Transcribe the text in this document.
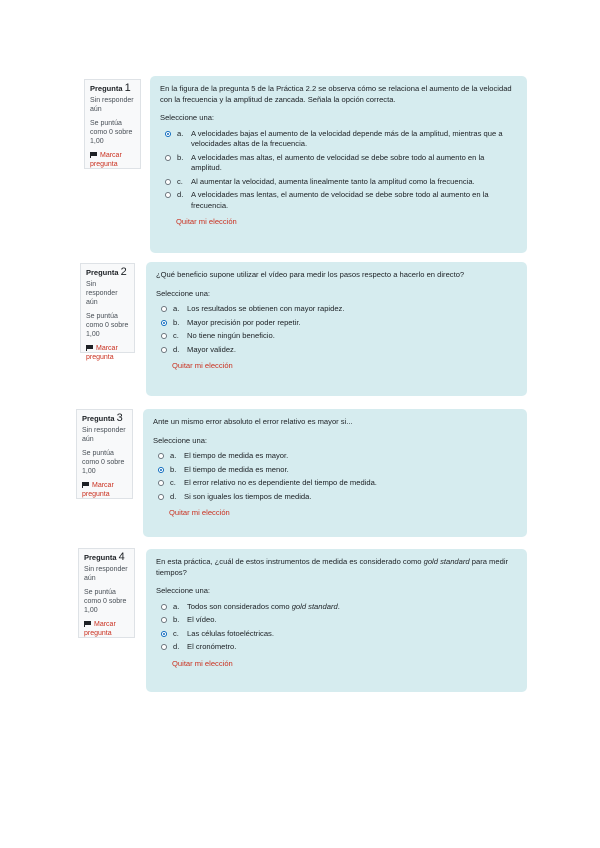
Pregunta 1
Sin responder aún
Se puntúa como 0 sobre 1,00
Marcar pregunta
En la figura de la pregunta 5 de la Práctica 2.2 se observa cómo se relaciona el aumento de la velocidad con la frecuencia y la amplitud de zancada. Señala la opción correcta.
Seleccione una:
a.	A velocidades bajas el aumento de la velocidad depende más de la amplitud, mientras que a velocidades altas de la frecuencia.
b.	A velocidades mas altas, el aumento de velocidad se debe sobre todo al aumento en la amplitud.
c.	Al aumentar la velocidad, aumenta linealmente tanto la amplitud como la frecuencia.
d.	A velocidades mas lentas, el aumento de velocidad se debe sobre todo al aumento en la frecuencia.
Quitar mi elección
Pregunta 2
Sin responder aún
Se puntúa como 0 sobre 1,00
Marcar pregunta
¿Qué beneficio supone utilizar el vídeo para medir los pasos respecto a hacerlo en directo?
Seleccione una:
a.	Los resultados se obtienen con mayor rapidez.
b.	Mayor precisión por poder repetir.
c.	No tiene ningún beneficio.
d.	Mayor validez.
Quitar mi elección
Pregunta 3
Sin responder aún
Se puntúa como 0 sobre 1,00
Marcar pregunta
Ante un mismo error absoluto el error relativo es mayor si...
Seleccione una:
a.	El tiempo de medida es mayor.
b.	El tiempo de medida es menor.
c.	El error relativo no es dependiente del tiempo de medida.
d.	Si son iguales los tiempos de medida.
Quitar mi elección
Pregunta 4
Sin responder aún
Se puntúa como 0 sobre 1,00
Marcar pregunta
En esta práctica, ¿cuál de estos instrumentos de medida es considerado como gold standard para medir tiempos?
Seleccione una:
a.	Todos son considerados como gold standard.
b.	El vídeo.
c.	Las células fotoeléctricas.
d.	El cronómetro.
Quitar mi elección
